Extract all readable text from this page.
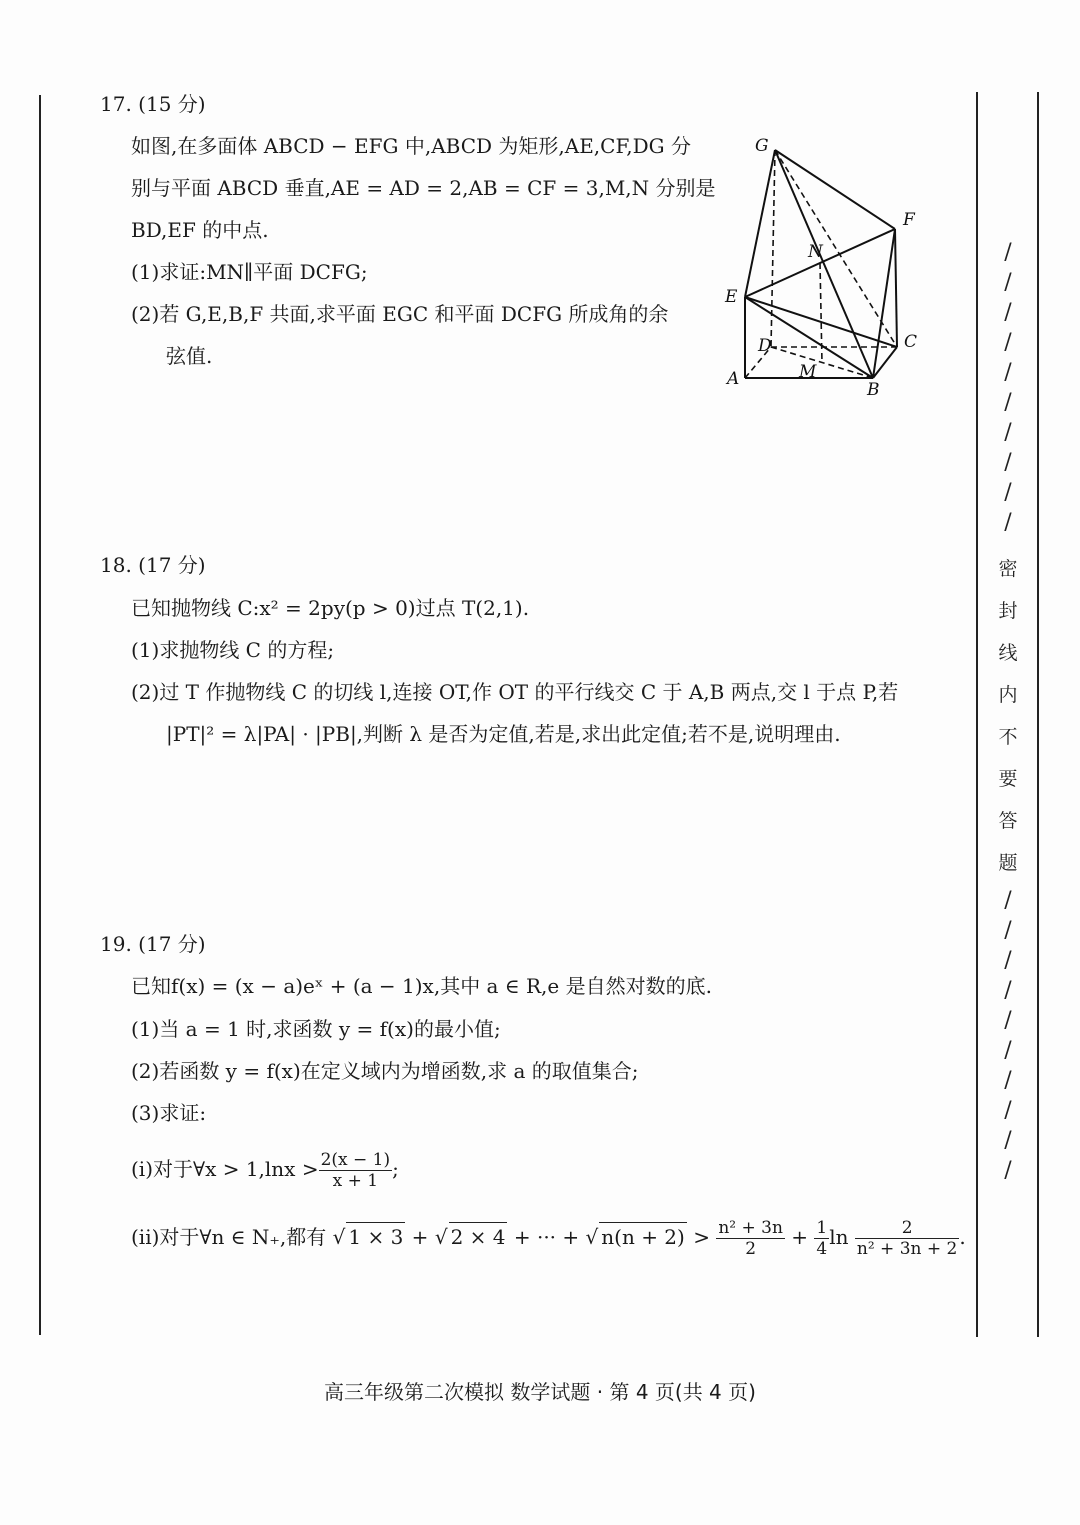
17. (15 分)
如图,在多面体 ABCD − EFG 中,ABCD 为矩形,AE,CF,DG 分
别与平面 ABCD 垂直,AE = AD = 2,AB = CF = 3,M,N 分别是
BD,EF 的中点.
(1)求证:MN∥平面 DCFG;
(2)若 G,E,B,F 共面,求平面 EGC 和平面 DCFG 所成角的余
弦值.
G
F
N
E
D	C
A	M
B
18. (17 分)
已知抛物线 C:x² = 2py(p > 0)过点 T(2,1).
(1)求抛物线 C 的方程;
(2)过 T 作抛物线 C 的切线 l,连接 OT,作 OT 的平行线交 C 于 A,B 两点,交 l 于点 P,若
|PT|² = λ|PA| · |PB|,判断 λ 是否为定值,若是,求出此定值;若不是,说明理由.
19. (17 分)
已知f(x) = (x − a)eˣ + (a − 1)x,其中 a ∈ R,e 是自然对数的底.
(1)当 a = 1 时,求函数 y = f(x)的最小值;
(2)若函数 y = f(x)在定义域内为增函数,求 a 的取值集合;
(3)求证:
(i)对于∀x > $1,\ln x > \frac{2(x - 1)}{x + 1}$ ;
(ii)对于∀n ∈ N₊,都有 √ 1 × 3 + √ 2 × 4 + ··· + √ $n(n + 2) > \frac{\text{n² + 3n}}{2} + \frac{1}{4}$ $\ln \frac{2}{\text{n² + 3n + 2}}$ .
/
/
/
/
/
/
/
/
/
/
密
封
线
内
不
要
答
题
/
/
/
/
/
/
/
/
/
/
高三年级第二次模拟 数学试题 · 第 4 页(共 4 页)
